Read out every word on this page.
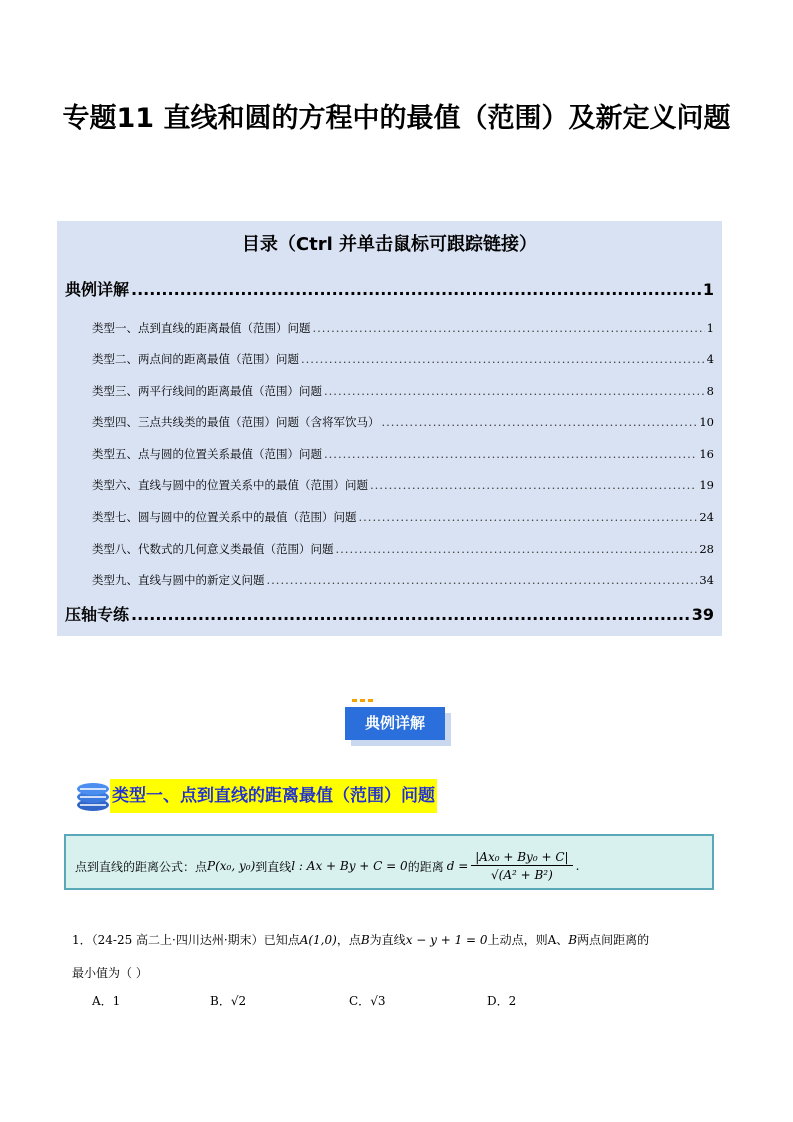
专题11 直线和圆的方程中的最值（范围）及新定义问题
目录（Ctrl 并单击鼠标可跟踪链接）
典例详解 .....	1
类型一、点到直线的距离最值（范围）问题 .....	1
类型二、两点间的距离最值（范围）问题 .....	4
类型三、两平行线间的距离最值（范围）问题 .....	8
类型四、三点共线类的最值（范围）问题（含将军饮马） .....	10
类型五、点与圆的位置关系最值（范围）问题 .....	16
类型六、直线与圆中的位置关系中的最值（范围）问题 .....	19
类型七、圆与圆中的位置关系中的最值（范围）问题 .....	24
类型八、代数式的几何意义类最值（范围）问题 .....	28
类型九、直线与圆中的新定义问题 .....	34
压轴专练 .....	39
典例详解
类型一、点到直线的距离最值（范围）问题
点到直线的距离公式：点 P(x₀, y₀) 到直线 l : Ax + By + C = 0 的距离 $d = \frac{\text{|Ax₀ + By₀ + C|}}{\text{√(A² + B²)}}$ .
1．（24-25 高二上·四川达州·期末）已知点A(1,0)，点B为直线x − y + 1 = 0上动点，则A、B两点间距离的
最小值为（ ）
A．1	B．√2	C．√3	D．2
